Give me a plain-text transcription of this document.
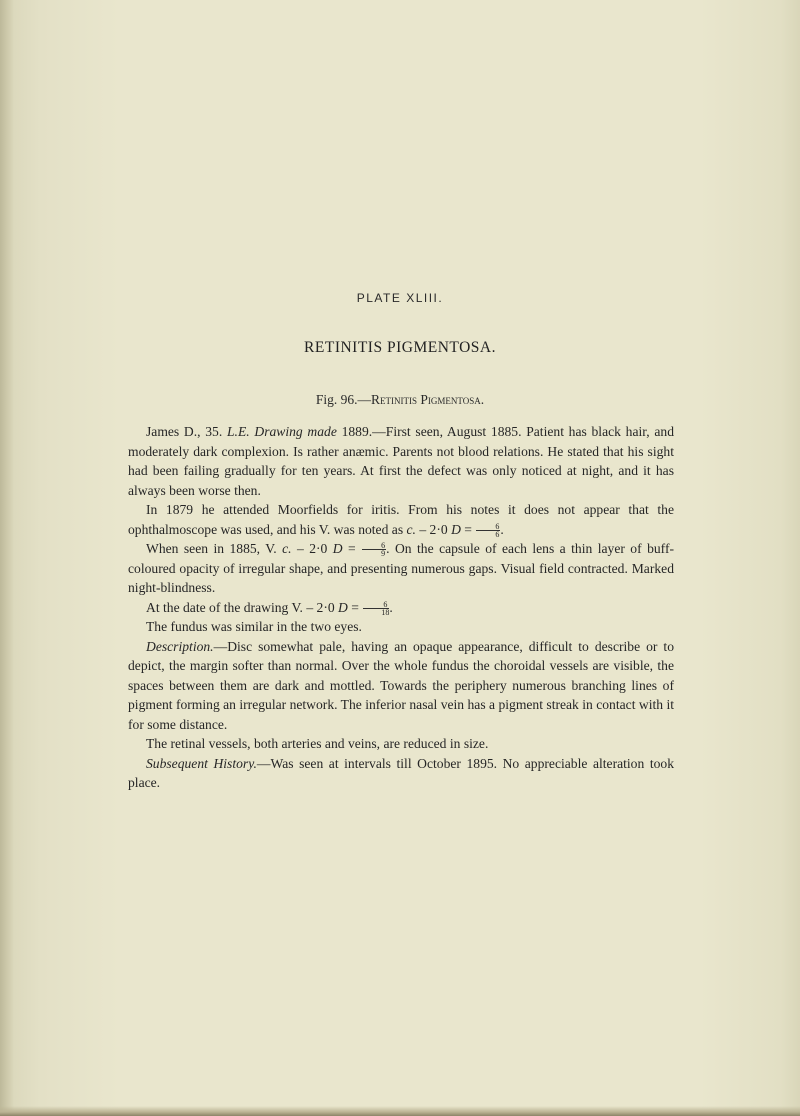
PLATE XLIII.
RETINITIS PIGMENTOSA.
Fig. 96.—Retinitis Pigmentosa.

James D., 35. L.E. Drawing made 1889.—First seen, August 1885. Patient has black hair, and moderately dark complexion. Is rather anæmic. Parents not blood relations. He stated that his sight had been failing gradually for ten years. At first the defect was only noticed at night, and it has always been worse then.

In 1879 he attended Moorfields for iritis. From his notes it does not appear that the ophthalmoscope was used, and his V. was noted as c. – 2·0 $D = \frac{6}{6}$ .

When seen in 1885, V. c. – 2·0 $D = \frac{6}{9}$ . On the capsule of each lens a thin layer of buff-coloured opacity of irregular shape, and presenting numerous gaps. Visual field contracted. Marked night-blindness.

At the date of the drawing V. – 2·0 $D = \frac{6}{18}$ .

The fundus was similar in the two eyes.

Description.—Disc somewhat pale, having an opaque appearance, difficult to describe or to depict, the margin softer than normal. Over the whole fundus the choroidal vessels are visible, the spaces between them are dark and mottled. Towards the periphery numerous branching lines of pigment forming an irregular network. The inferior nasal vein has a pigment streak in contact with it for some distance.

The retinal vessels, both arteries and veins, are reduced in size.

Subsequent History.—Was seen at intervals till October 1895. No appreciable alteration took place.
